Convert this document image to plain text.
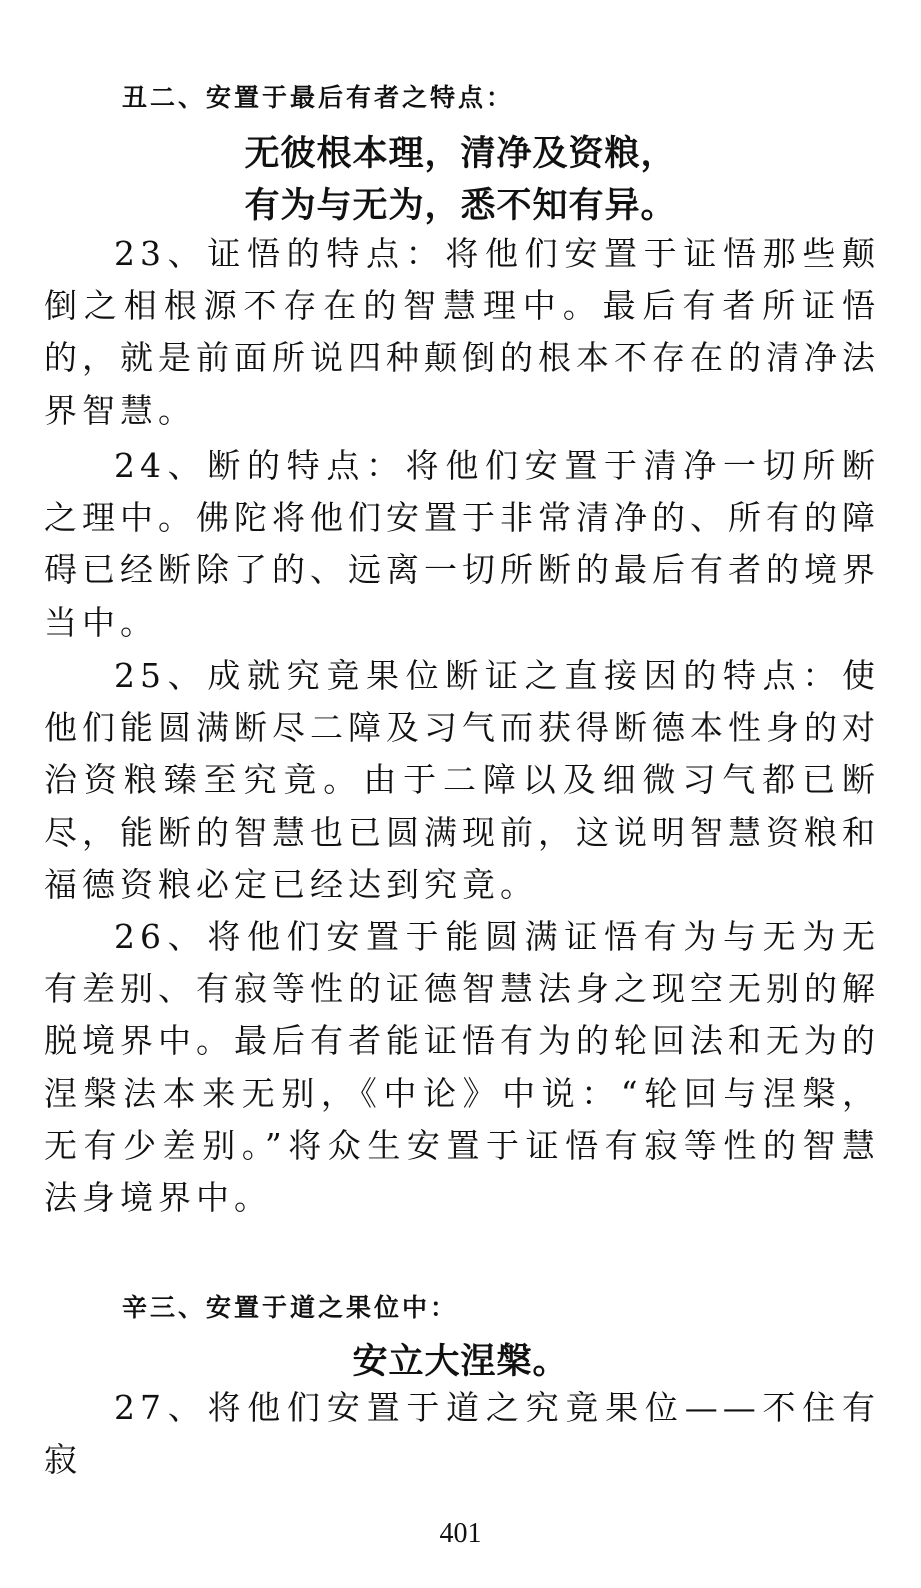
丑二、安置于最后有者之特点：
无彼根本理，清净及资粮，
有为与无为，悉不知有异。

23、证悟的特点：将他们安置于证悟那些颠倒之相根源不存在的智慧理中。最后有者所证悟的，就是前面所说四种颠倒的根本不存在的清净法界智慧。

24、断的特点：将他们安置于清净一切所断之理中。佛陀将他们安置于非常清净的、所有的障碍已经断除了的、远离一切所断的最后有者的境界当中。

25、成就究竟果位断证之直接因的特点：使他们能圆满断尽二障及习气而获得断德本性身的对治资粮臻至究竟。由于二障以及细微习气都已断尽，能断的智慧也已圆满现前，这说明智慧资粮和福德资粮必定已经达到究竟。

26、将他们安置于能圆满证悟有为与无为无有差别、有寂等性的证德智慧法身之现空无别的解脱境界中。最后有者能证悟有为的轮回法和无为的涅槃法本来无别，《中论》中说：“轮回与涅槃，无有少差别。”将众生安置于证悟有寂等性的智慧法身境界中。

辛三、安置于道之果位中：
安立大涅槃。

27、将他们安置于道之究竟果位——不住有寂

401
